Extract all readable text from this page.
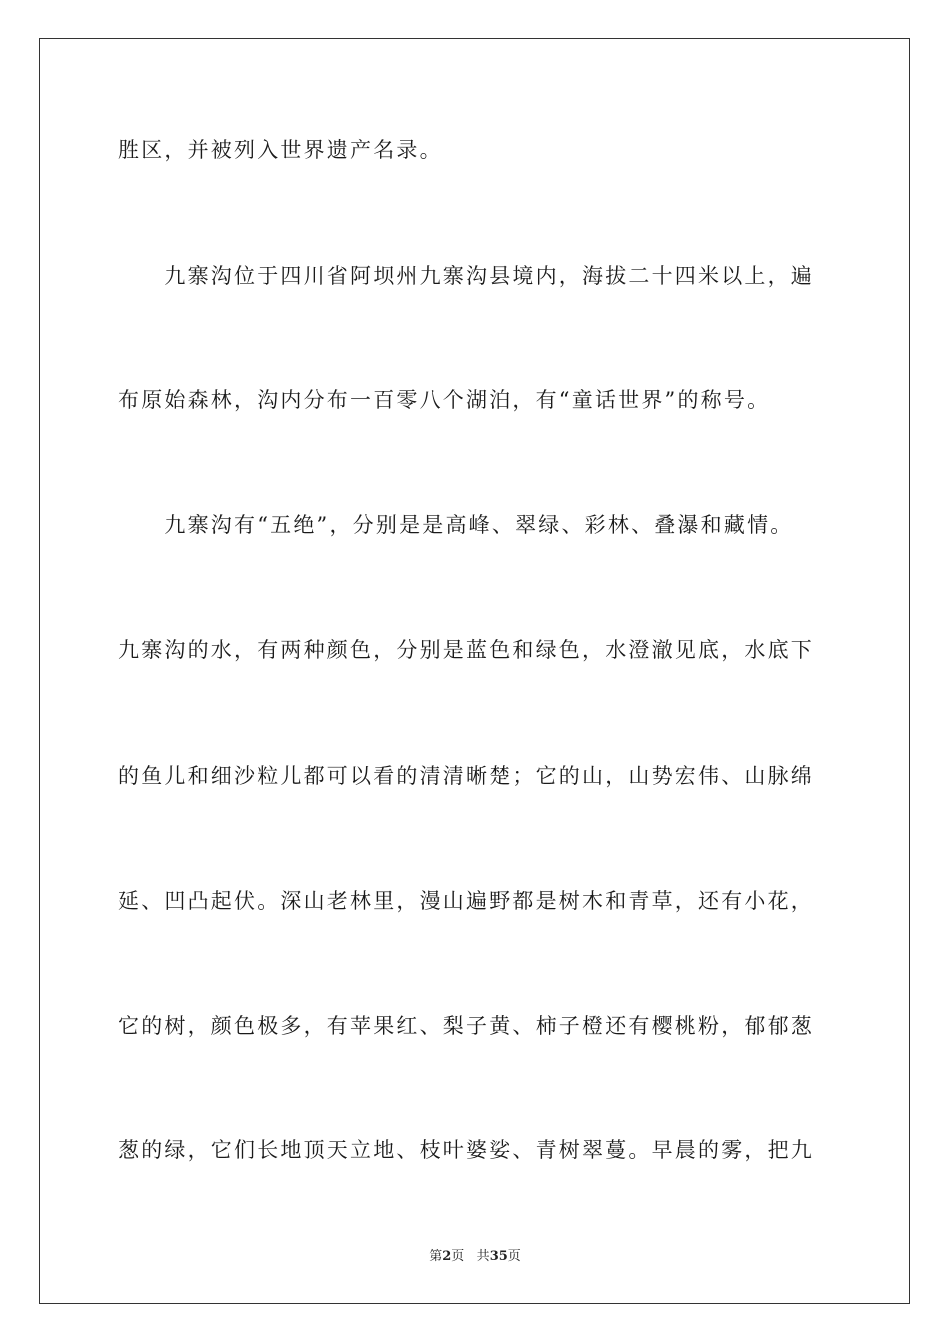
胜区，并被列入世界遗产名录。
　　九寨沟位于四川省阿坝州九寨沟县境内，海拔二十四米以上，遍
布原始森林，沟内分布一百零八个湖泊，有“童话世界”的称号。
　　九寨沟有“五绝”，分别是是高峰、翠绿、彩林、叠瀑和藏情。
九寨沟的水，有两种颜色，分别是蓝色和绿色，水澄澈见底，水底下
的鱼儿和细沙粒儿都可以看的清清晰楚；它的山，山势宏伟、山脉绵
延、凹凸起伏。深山老林里，漫山遍野都是树木和青草，还有小花，
它的树，颜色极多，有苹果红、梨子黄、柿子橙还有樱桃粉，郁郁葱
葱的绿，它们长地顶天立地、枝叶婆娑、青树翠蔓。早晨的雾，把九
第2页 共35页
